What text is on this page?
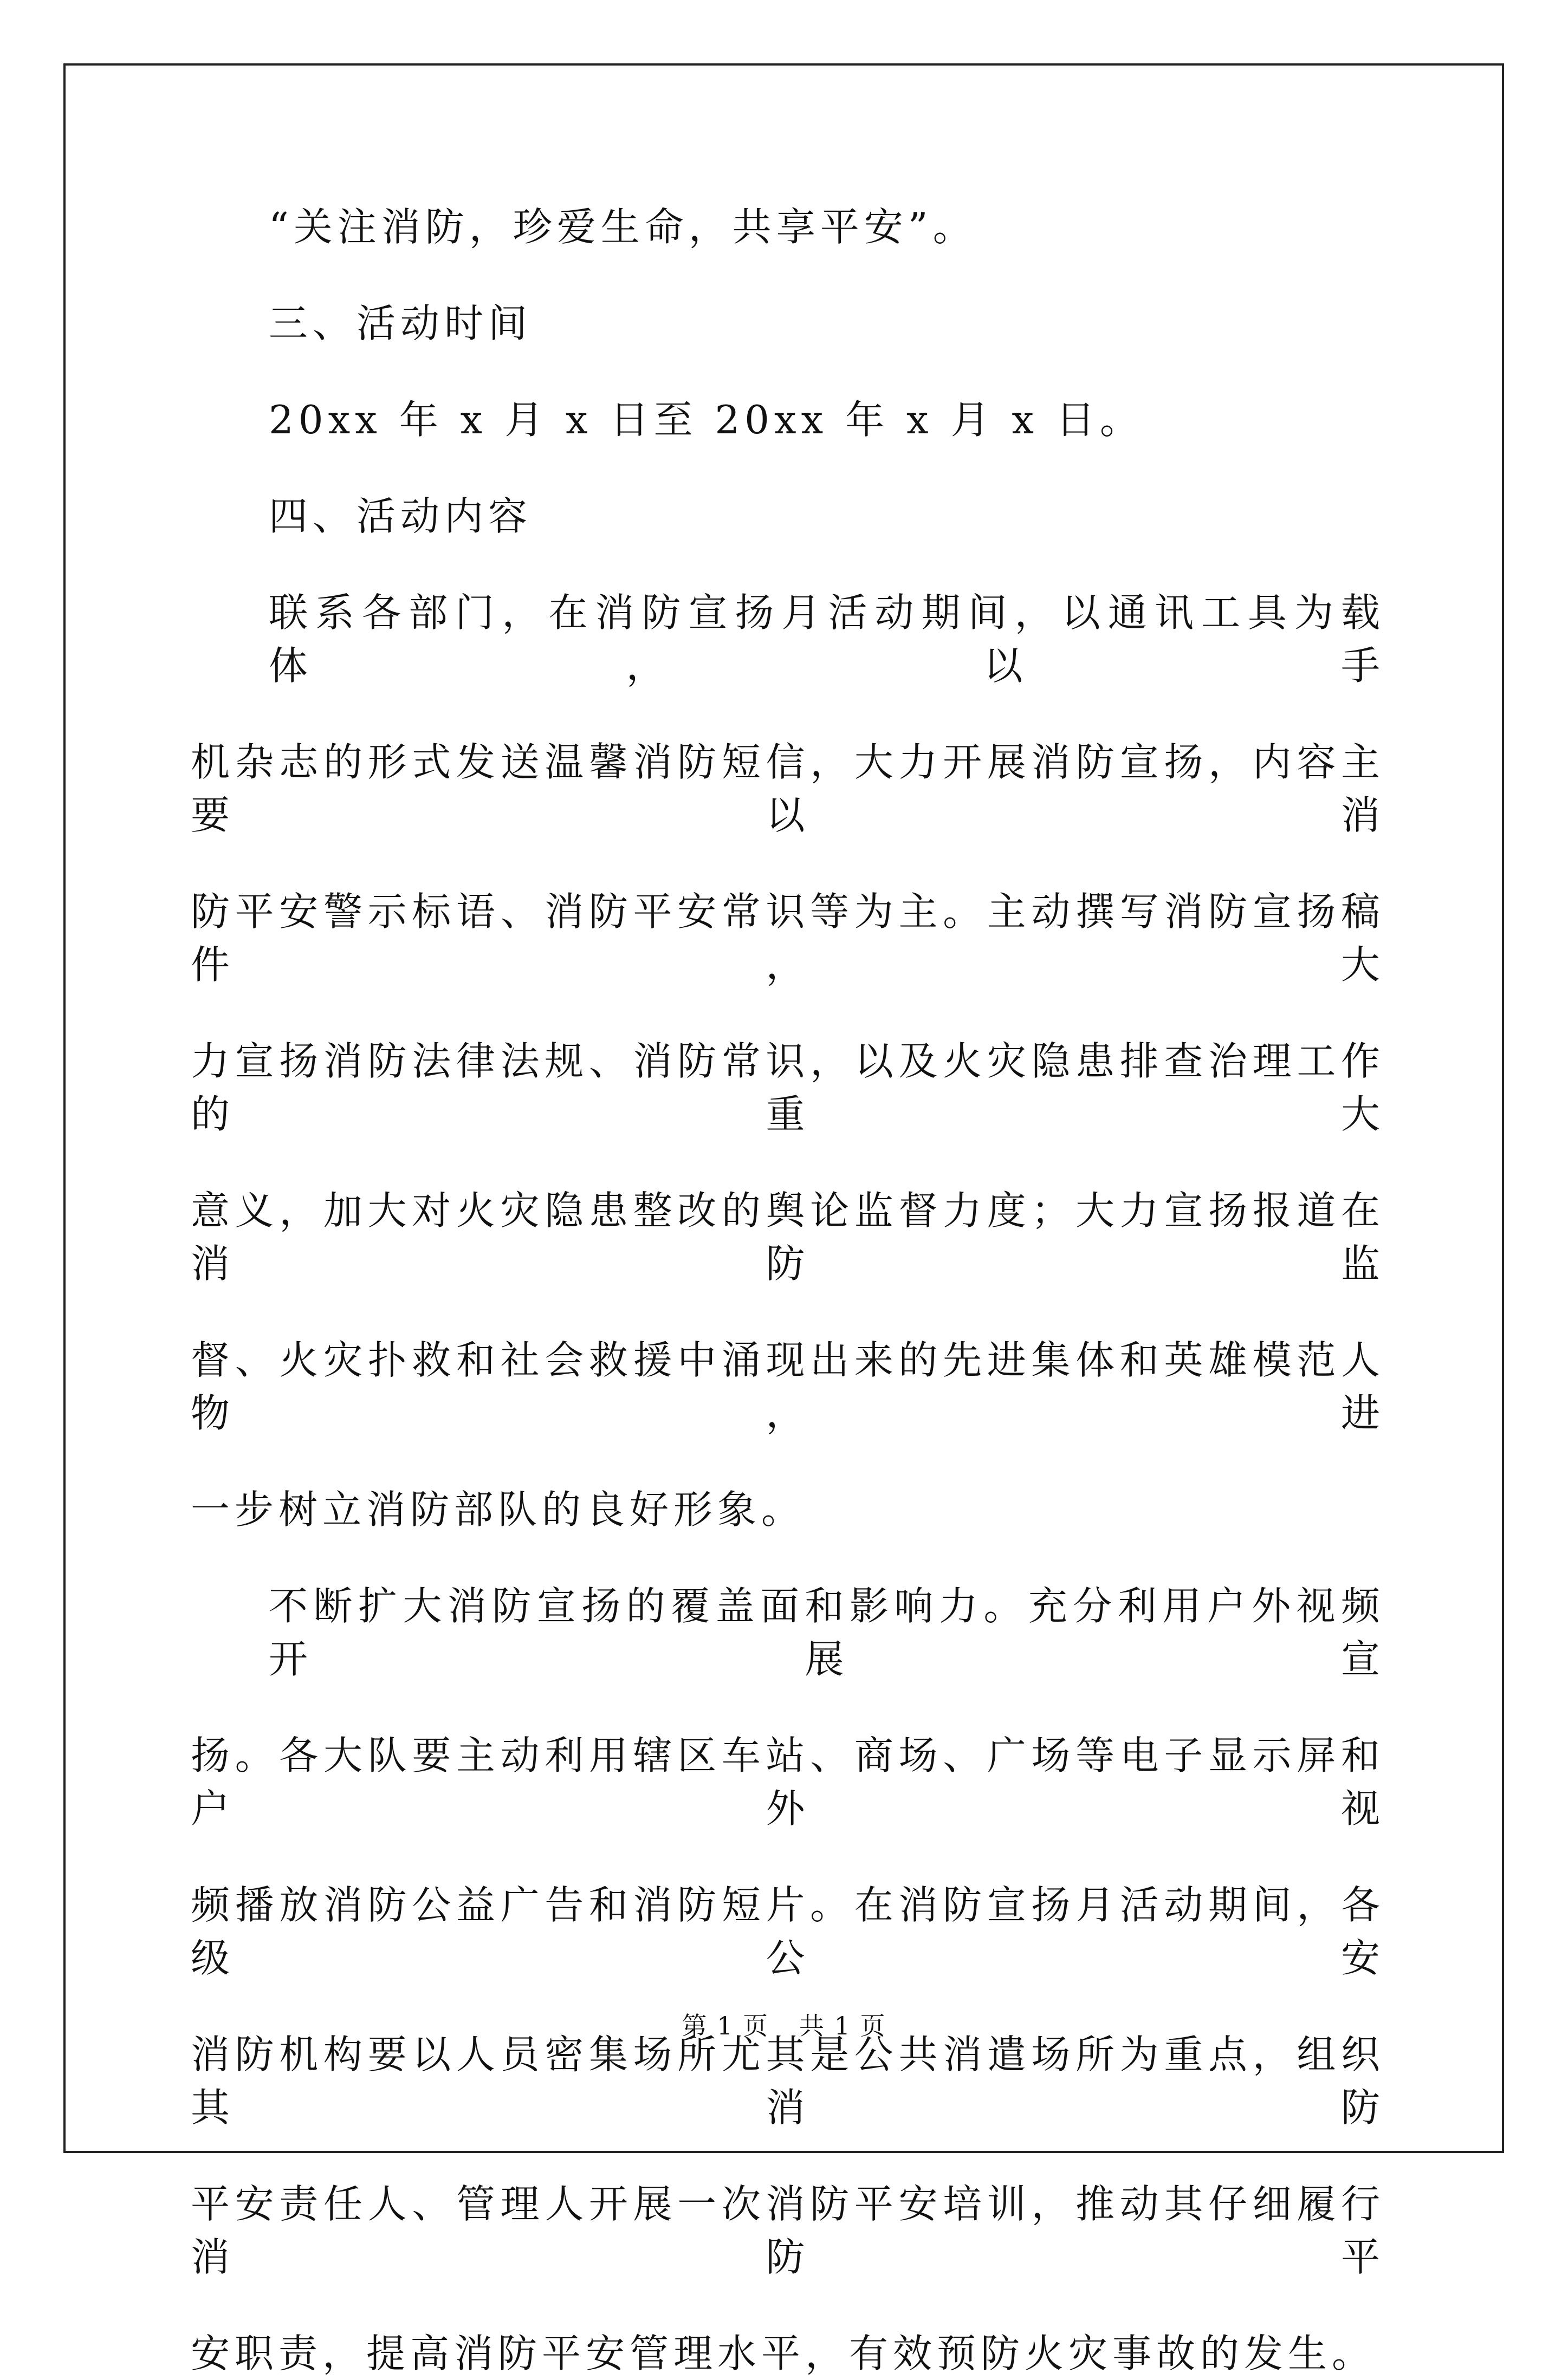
“关注消防，珍爱生命，共享平安”。
三、活动时间
20xx 年 x 月 x 日至 20xx 年 x 月 x 日。
四、活动内容
联系各部门，在消防宣扬月活动期间，以通讯工具为载体，以手
机杂志的形式发送温馨消防短信，大力开展消防宣扬，内容主要以消
防平安警示标语、消防平安常识等为主。主动撰写消防宣扬稿件，大
力宣扬消防法律法规、消防常识，以及火灾隐患排查治理工作的重大
意义，加大对火灾隐患整改的舆论监督力度；大力宣扬报道在消防监
督、火灾扑救和社会救援中涌现出来的先进集体和英雄模范人物，进
一步树立消防部队的良好形象。
不断扩大消防宣扬的覆盖面和影响力。充分利用户外视频开展宣
扬。各大队要主动利用辖区车站、商场、广场等电子显示屏和户外视
频播放消防公益广告和消防短片。在消防宣扬月活动期间，各级公安
消防机构要以人员密集场所尤其是公共消遣场所为重点，组织其消防
平安责任人、管理人开展一次消防平安培训，推动其仔细履行消防平
安职责，提高消防平安管理水平，有效预防火灾事故的发生。
第 1 页 共 1 页
